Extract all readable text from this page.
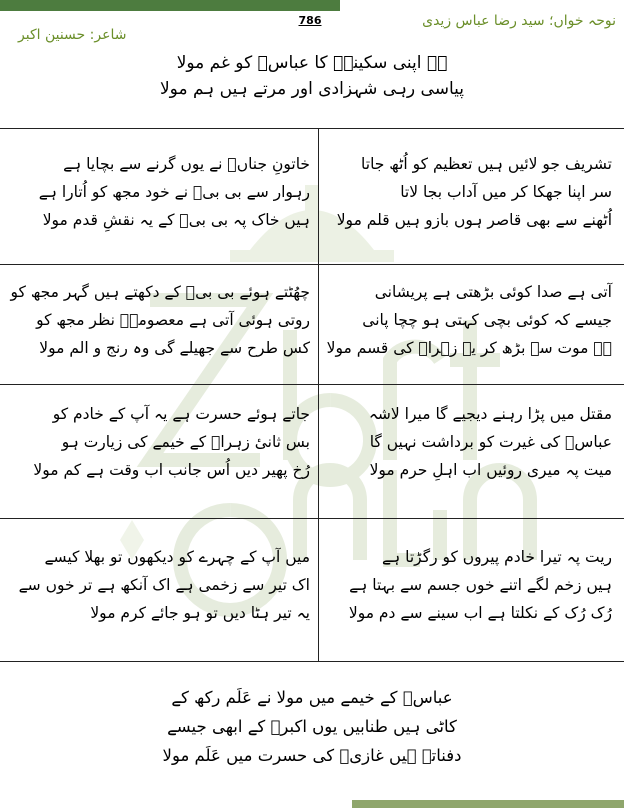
786	نوحہ خواں؛ سید رضا عباس زیدی
شاعر: حسنین اکبر
ہے اپنی سکینہؑ کا عباسؑ کو غم مولا
پیاسی رہی شہزادی اور مرتے ہیں ہم مولا
تشریف جو لائیں ہیں تعظیم کو اُٹھ جاتا
سر اپنا جھکا کر میں آداب بجا لاتا
اُٹھنے سے بھی قاصر ہوں بازو ہیں قلم مولا
خاتونِ جناںؑ نے یوں گرنے سے بچایا ہے
رہوار سے بی بیؑ نے خود مجھ کو اُتارا ہے
ہیں خاک پہ بی بیؑ کے یہ نقشِ قدم مولا
آتی ہے صدا کوئی بڑھتی ہے پریشانی
جیسے کہ کوئی بچی کہتی ہو چچا پانی
ہے موت سے بڑھ کر یہ زہراؑ کی قسم مولا
چھُٹتے ہوئے بی بیؑ کے دکھتے ہیں گہر مجھ کو
روتی ہوئی آتی ہے معصومہؑ نظر مجھ کو
کس طرح سے جھیلے گی وہ رنج و الم مولا
مقتل میں پڑا رہنے دیجیے گا میرا لاشہ
عباسؑ کی غیرت کو برداشت نہیں گا
میت پہ میری روئیں اب اہلِ حرم مولا
جاتے ہوئے حسرت ہے یہ آپ کے خادم کو
بس ثانیٔ زہراؑ کے خیمے کی زیارت ہو
رُخ پھیر دیں اُس جانب اب وقت ہے کم مولا
ریت پہ تیرا خادم پیروں کو رگڑتا ہے
ہیں زخم لگے اتنے خوں جسم سے بہتا ہے
رُک رُک کے نکلتا ہے اب سینے سے دم مولا
میں آپ کے چہرے کو دیکھوں تو بھلا کیسے
اک تیر سے زخمی ہے اک آنکھ ہے تر خوں سے
یہ تیر ہٹا دیں تو ہو جائے کرم مولا
عباسؑ کے خیمے میں مولا نے عَلَم رکھ کے
کاٹی ہیں طنابیں یوں اکبرؑ کے ابھی جیسے
دفناتے ہیں غازیؑ کی حسرت میں عَلَم مولا
